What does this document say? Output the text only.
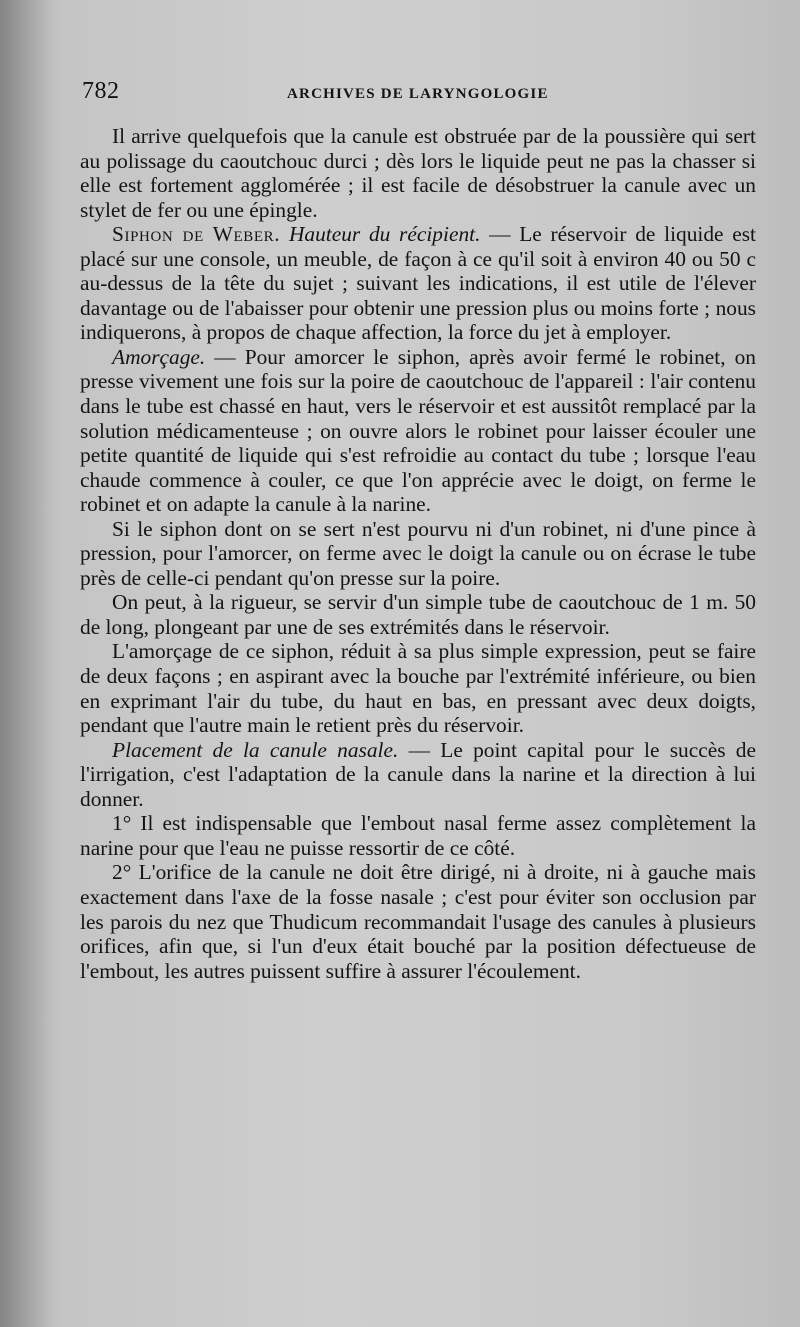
782	ARCHIVES DE LARYNGOLOGIE

Il arrive quelquefois que la canule est obstruée par de la poussière qui sert au polissage du caoutchouc durci ; dès lors le liquide peut ne pas la chasser si elle est fortement agglomérée ; il est facile de désobstruer la canule avec un stylet de fer ou une épingle.

Siphon de Weber. Hauteur du récipient. — Le réservoir de liquide est placé sur une console, un meuble, de façon à ce qu'il soit à environ 40 ou 50 c au-dessus de la tête du sujet ; suivant les indications, il est utile de l'élever davantage ou de l'abaisser pour obtenir une pression plus ou moins forte ; nous indiquerons, à propos de chaque affection, la force du jet à employer.

Amorçage. — Pour amorcer le siphon, après avoir fermé le robinet, on presse vivement une fois sur la poire de caoutchouc de l'appareil : l'air contenu dans le tube est chassé en haut, vers le réservoir et est aussitôt remplacé par la solution médicamenteuse ; on ouvre alors le robinet pour laisser écouler une petite quantité de liquide qui s'est refroidie au contact du tube ; lorsque l'eau chaude commence à couler, ce que l'on apprécie avec le doigt, on ferme le robinet et on adapte la canule à la narine.

Si le siphon dont on se sert n'est pourvu ni d'un robinet, ni d'une pince à pression, pour l'amorcer, on ferme avec le doigt la canule ou on écrase le tube près de celle-ci pendant qu'on presse sur la poire.

On peut, à la rigueur, se servir d'un simple tube de caoutchouc de 1 m. 50 de long, plongeant par une de ses extrémités dans le réservoir.

L'amorçage de ce siphon, réduit à sa plus simple expression, peut se faire de deux façons ; en aspirant avec la bouche par l'extrémité inférieure, ou bien en exprimant l'air du tube, du haut en bas, en pressant avec deux doigts, pendant que l'autre main le retient près du réservoir.

Placement de la canule nasale. — Le point capital pour le succès de l'irrigation, c'est l'adaptation de la canule dans la narine et la direction à lui donner.

1° Il est indispensable que l'embout nasal ferme assez complètement la narine pour que l'eau ne puisse ressortir de ce côté.

2° L'orifice de la canule ne doit être dirigé, ni à droite, ni à gauche mais exactement dans l'axe de la fosse nasale ; c'est pour éviter son occlusion par les parois du nez que Thudicum recommandait l'usage des canules à plusieurs orifices, afin que, si l'un d'eux était bouché par la position défectueuse de l'embout, les autres puissent suffire à assurer l'écoulement.
